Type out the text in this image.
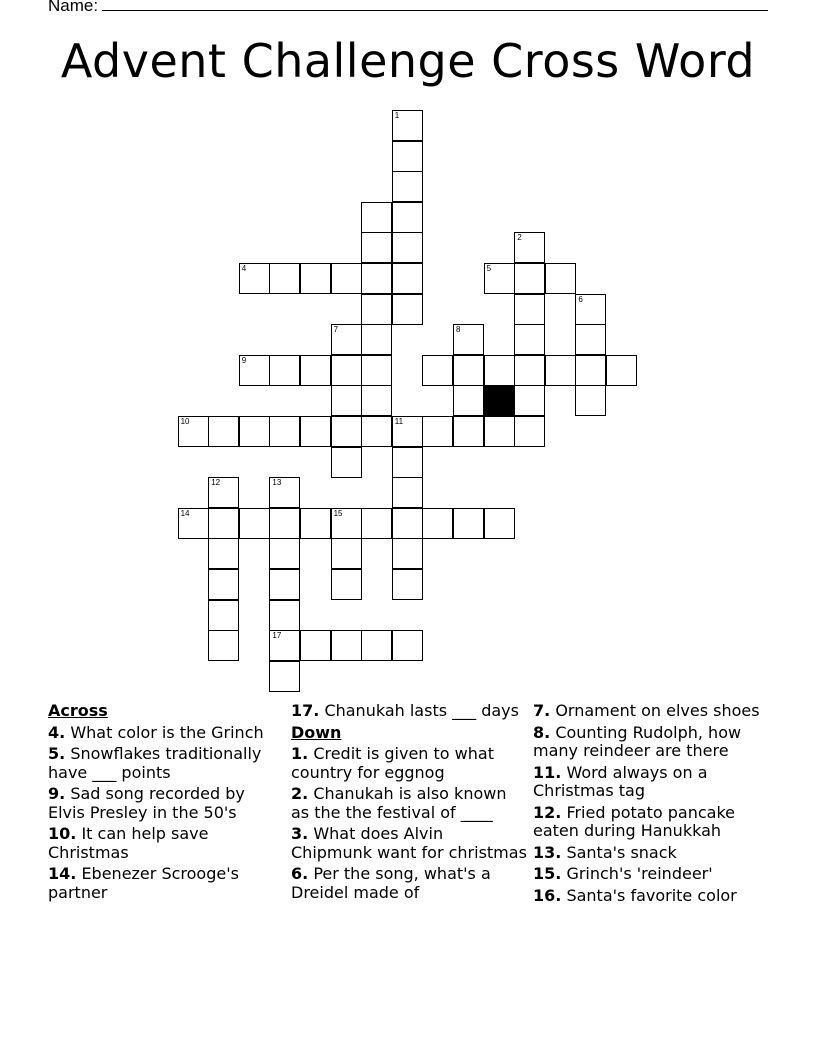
Name:
Advent Challenge Cross Word
1
4
2
5
6
7	8
9
10	11
12	13
14	15
17
Across
4. What color is the Grinch
5. Snowflakes traditionally have ___ points
9. Sad song recorded by Elvis Presley in the 50's
10. It can help save Christmas
14. Ebenezer Scrooge's partner
17. Chanukah lasts ___ days
Down
1. Credit is given to what country for eggnog
2. Chanukah is also known as the the festival of ____
3. What does Alvin Chipmunk want for christmas
6. Per the song, what's a Dreidel made of
7. Ornament on elves shoes
8. Counting Rudolph, how many reindeer are there
11. Word always on a Christmas tag
12. Fried potato pancake eaten during Hanukkah
13. Santa's snack
15. Grinch's 'reindeer'
16. Santa's favorite color
